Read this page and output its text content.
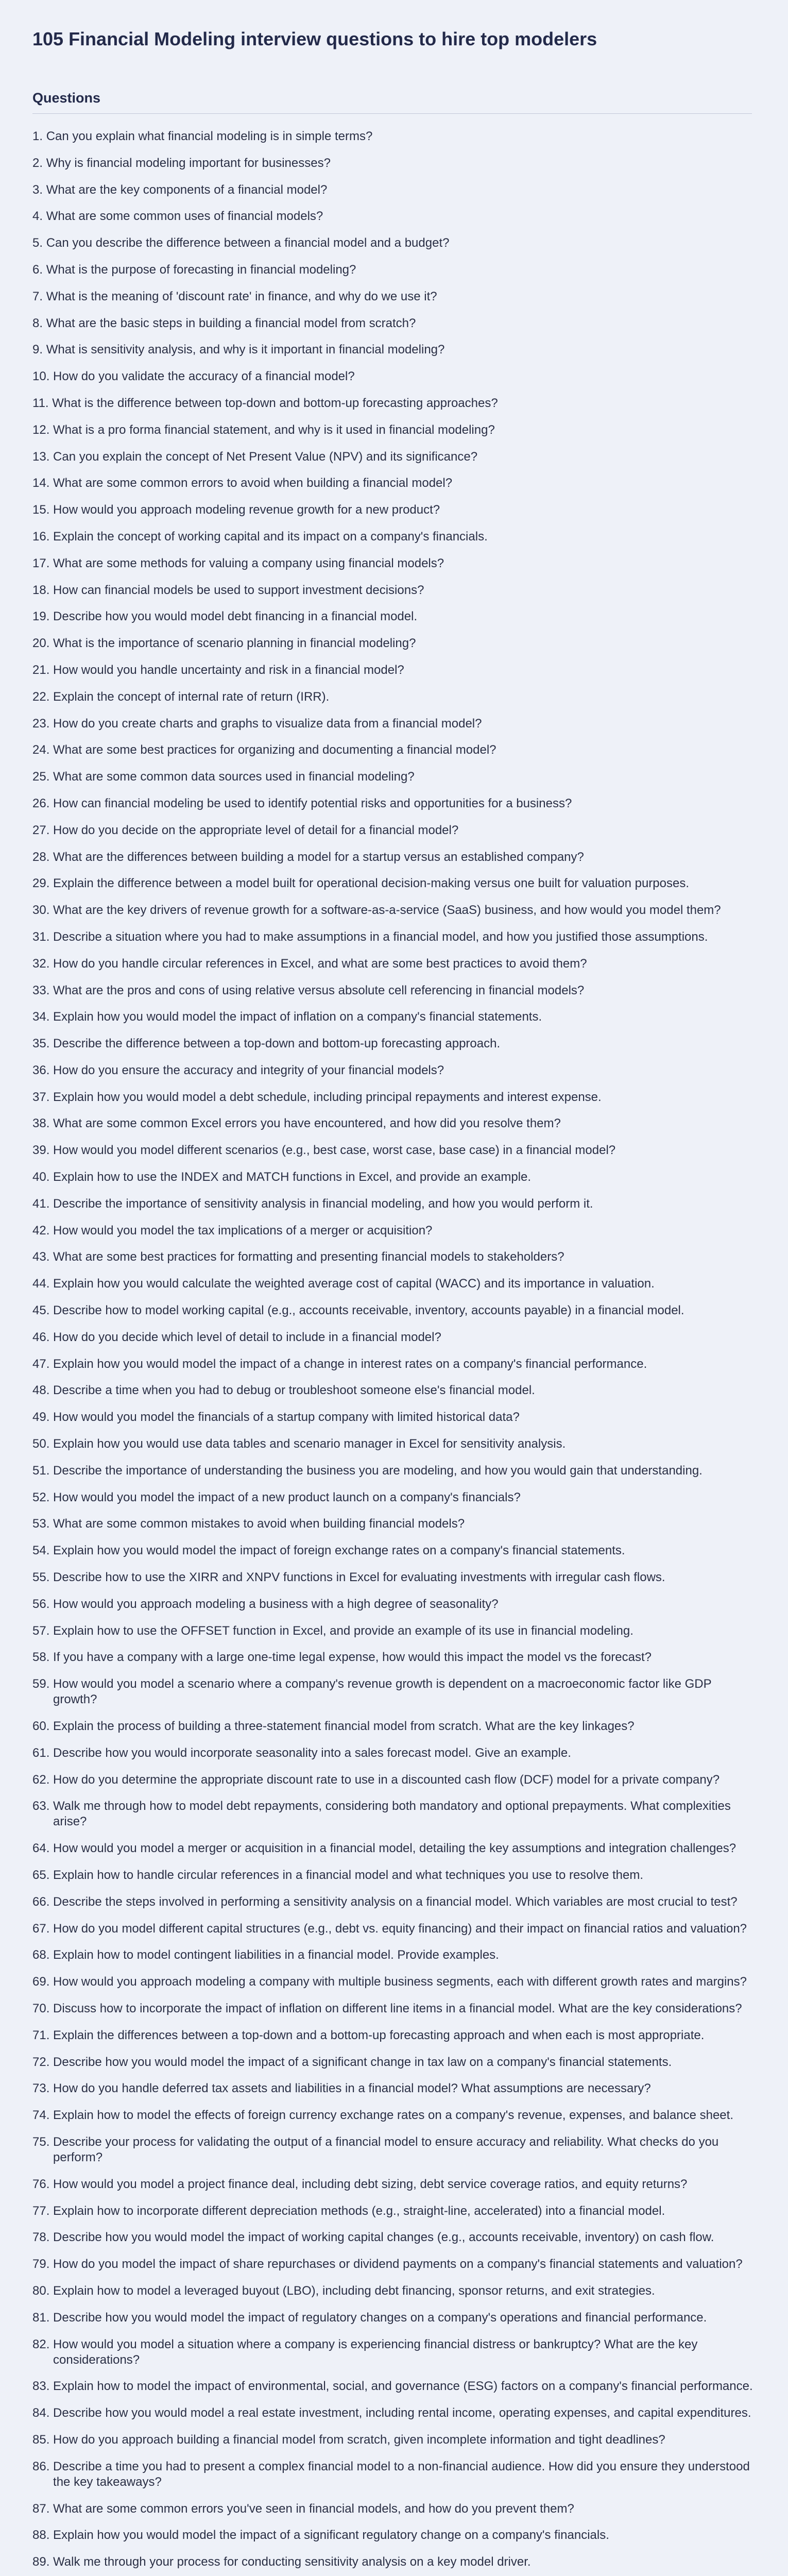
105 Financial Modeling interview questions to hire top modelers
Questions
1. Can you explain what financial modeling is in simple terms?
2. Why is financial modeling important for businesses?
3. What are the key components of a financial model?
4. What are some common uses of financial models?
5. Can you describe the difference between a financial model and a budget?
6. What is the purpose of forecasting in financial modeling?
7. What is the meaning of 'discount rate' in finance, and why do we use it?
8. What are the basic steps in building a financial model from scratch?
9. What is sensitivity analysis, and why is it important in financial modeling?
10. How do you validate the accuracy of a financial model?
11. What is the difference between top-down and bottom-up forecasting approaches?
12. What is a pro forma financial statement, and why is it used in financial modeling?
13. Can you explain the concept of Net Present Value (NPV) and its significance?
14. What are some common errors to avoid when building a financial model?
15. How would you approach modeling revenue growth for a new product?
16. Explain the concept of working capital and its impact on a company's financials.
17. What are some methods for valuing a company using financial models?
18. How can financial models be used to support investment decisions?
19. Describe how you would model debt financing in a financial model.
20. What is the importance of scenario planning in financial modeling?
21. How would you handle uncertainty and risk in a financial model?
22. Explain the concept of internal rate of return (IRR).
23. How do you create charts and graphs to visualize data from a financial model?
24. What are some best practices for organizing and documenting a financial model?
25. What are some common data sources used in financial modeling?
26. How can financial modeling be used to identify potential risks and opportunities for a business?
27. How do you decide on the appropriate level of detail for a financial model?
28. What are the differences between building a model for a startup versus an established company?
29. Explain the difference between a model built for operational decision-making versus one built for valuation purposes.
30. What are the key drivers of revenue growth for a software-as-a-service (SaaS) business, and how would you model them?
31. Describe a situation where you had to make assumptions in a financial model, and how you justified those assumptions.
32. How do you handle circular references in Excel, and what are some best practices to avoid them?
33. What are the pros and cons of using relative versus absolute cell referencing in financial models?
34. Explain how you would model the impact of inflation on a company's financial statements.
35. Describe the difference between a top-down and bottom-up forecasting approach.
36. How do you ensure the accuracy and integrity of your financial models?
37. Explain how you would model a debt schedule, including principal repayments and interest expense.
38. What are some common Excel errors you have encountered, and how did you resolve them?
39. How would you model different scenarios (e.g., best case, worst case, base case) in a financial model?
40. Explain how to use the INDEX and MATCH functions in Excel, and provide an example.
41. Describe the importance of sensitivity analysis in financial modeling, and how you would perform it.
42. How would you model the tax implications of a merger or acquisition?
43. What are some best practices for formatting and presenting financial models to stakeholders?
44. Explain how you would calculate the weighted average cost of capital (WACC) and its importance in valuation.
45. Describe how to model working capital (e.g., accounts receivable, inventory, accounts payable) in a financial model.
46. How do you decide which level of detail to include in a financial model?
47. Explain how you would model the impact of a change in interest rates on a company's financial performance.
48. Describe a time when you had to debug or troubleshoot someone else's financial model.
49. How would you model the financials of a startup company with limited historical data?
50. Explain how you would use data tables and scenario manager in Excel for sensitivity analysis.
51. Describe the importance of understanding the business you are modeling, and how you would gain that understanding.
52. How would you model the impact of a new product launch on a company's financials?
53. What are some common mistakes to avoid when building financial models?
54. Explain how you would model the impact of foreign exchange rates on a company's financial statements.
55. Describe how to use the XIRR and XNPV functions in Excel for evaluating investments with irregular cash flows.
56. How would you approach modeling a business with a high degree of seasonality?
57. Explain how to use the OFFSET function in Excel, and provide an example of its use in financial modeling.
58. If you have a company with a large one-time legal expense, how would this impact the model vs the forecast?
59. How would you model a scenario where a company's revenue growth is dependent on a macroeconomic factor like GDP growth?
60. Explain the process of building a three-statement financial model from scratch. What are the key linkages?
61. Describe how you would incorporate seasonality into a sales forecast model. Give an example.
62. How do you determine the appropriate discount rate to use in a discounted cash flow (DCF) model for a private company?
63. Walk me through how to model debt repayments, considering both mandatory and optional prepayments. What complexities arise?
64. How would you model a merger or acquisition in a financial model, detailing the key assumptions and integration challenges?
65. Explain how to handle circular references in a financial model and what techniques you use to resolve them.
66. Describe the steps involved in performing a sensitivity analysis on a financial model. Which variables are most crucial to test?
67. How do you model different capital structures (e.g., debt vs. equity financing) and their impact on financial ratios and valuation?
68. Explain how to model contingent liabilities in a financial model. Provide examples.
69. How would you approach modeling a company with multiple business segments, each with different growth rates and margins?
70. Discuss how to incorporate the impact of inflation on different line items in a financial model. What are the key considerations?
71. Explain the differences between a top-down and a bottom-up forecasting approach and when each is most appropriate.
72. Describe how you would model the impact of a significant change in tax law on a company's financial statements.
73. How do you handle deferred tax assets and liabilities in a financial model? What assumptions are necessary?
74. Explain how to model the effects of foreign currency exchange rates on a company's revenue, expenses, and balance sheet.
75. Describe your process for validating the output of a financial model to ensure accuracy and reliability. What checks do you perform?
76. How would you model a project finance deal, including debt sizing, debt service coverage ratios, and equity returns?
77. Explain how to incorporate different depreciation methods (e.g., straight-line, accelerated) into a financial model.
78. Describe how you would model the impact of working capital changes (e.g., accounts receivable, inventory) on cash flow.
79. How do you model the impact of share repurchases or dividend payments on a company's financial statements and valuation?
80. Explain how to model a leveraged buyout (LBO), including debt financing, sponsor returns, and exit strategies.
81. Describe how you would model the impact of regulatory changes on a company's operations and financial performance.
82. How would you model a situation where a company is experiencing financial distress or bankruptcy? What are the key considerations?
83. Explain how to model the impact of environmental, social, and governance (ESG) factors on a company's financial performance.
84. Describe how you would model a real estate investment, including rental income, operating expenses, and capital expenditures.
85. How do you approach building a financial model from scratch, given incomplete information and tight deadlines?
86. Describe a time you had to present a complex financial model to a non-financial audience. How did you ensure they understood the key takeaways?
87. What are some common errors you've seen in financial models, and how do you prevent them?
88. Explain how you would model the impact of a significant regulatory change on a company's financials.
89. Walk me through your process for conducting sensitivity analysis on a key model driver.
